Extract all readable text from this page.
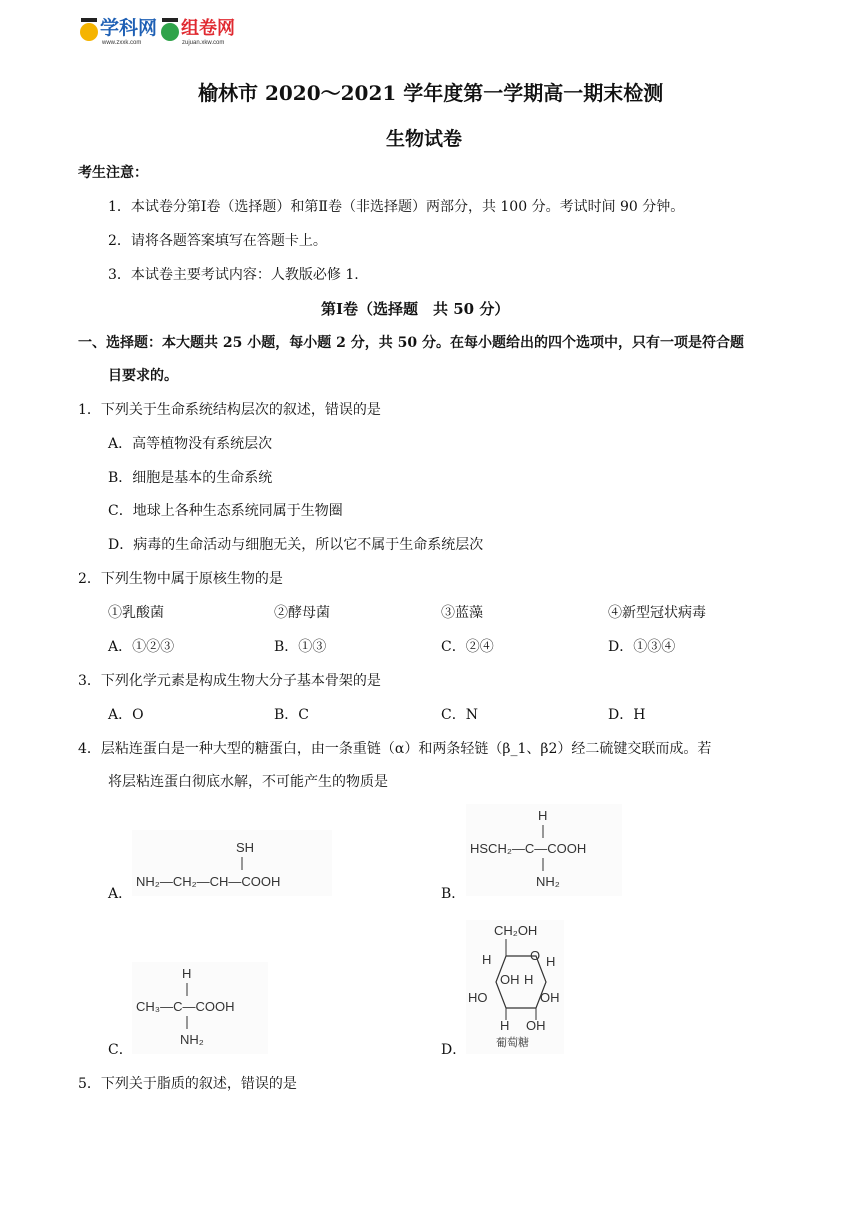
学科网
www.zxxk.com
组卷网
zujuan.xkw.com
榆林市 2020～2021 学年度第一学期高一期末检测
生物试卷
考生注意：
1．本试卷分第Ⅰ卷（选择题）和第Ⅱ卷（非选择题）两部分，共 100 分。考试时间 90 分钟。
2．请将各题答案填写在答题卡上。
3．本试卷主要考试内容：人教版必修 1.
第Ⅰ卷（选择题　共 50 分）
一、选择题：本大题共 25 小题，每小题 2 分，共 50 分。在每小题给出的四个选项中，只有一项是符合题
目要求的。
1．下列关于生命系统结构层次的叙述，错误的是
A．高等植物没有系统层次
B．细胞是基本的生命系统
C．地球上各种生态系统同属于生物圈
D．病毒的生命活动与细胞无关，所以它不属于生命系统层次
2．下列生物中属于原核生物的是
①乳酸菌	②酵母菌	③蓝藻	④新型冠状病毒
A．①②③	B．①③	C．②④	D．①③④
3．下列化学元素是构成生物大分子基本骨架的是
A．O	B．C	C．N	D．H
4．层粘连蛋白是一种大型的糖蛋白，由一条重链（α）和两条轻链（β_1、β2）经二硫键交联而成。若
将层粘连蛋白彻底水解，不可能产生的物质是
A．
SH
NH₂—CH₂—CH—COOH
B．
H
HSCH₂—C—COOH
NH₂
C．
H
CH₃—C—COOH
NH₂
D．
CH₂OH
O
H	H
OH H
HO	OH
H OH
葡萄糖
5．下列关于脂质的叙述，错误的是
